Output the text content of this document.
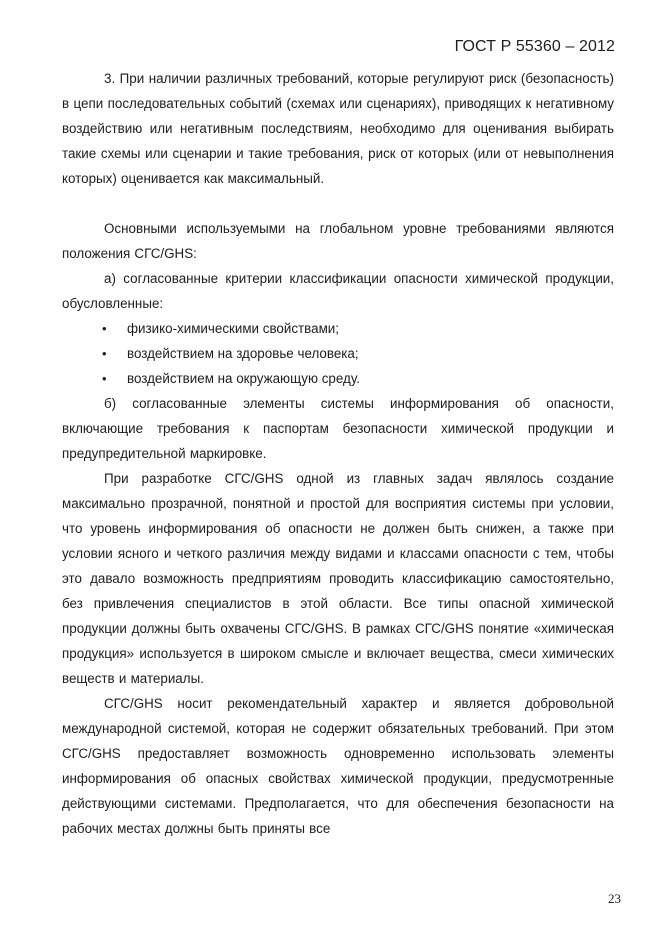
ГОСТ Р 55360 – 2012

3. При наличии различных требований, которые регулируют риск (безопасность) в цепи последовательных событий (схемах или сценариях), приводящих к негативному воздействию или негативным последствиям, необходимо для оценивания выбирать такие схемы или сценарии и такие требования, риск от которых (или от невыполнения которых) оценивается как максимальный.

Основными используемыми на глобальном уровне требованиями являются положения СГС/GHS:

а) согласованные критерии классификации опасности химической продукции, обусловленные:

• физико-химическими свойствами;
• воздействием на здоровье человека;
• воздействием на окружающую среду.

б) согласованные элементы системы информирования об опасности, включающие требования к паспортам безопасности химической продукции и предупредительной маркировке.

При разработке СГС/GHS одной из главных задач являлось создание максимально прозрачной, понятной и простой для восприятия системы при условии, что уровень информирования об опасности не должен быть снижен, а также при условии ясного и четкого различия между видами и классами опасности с тем, чтобы это давало возможность предприятиям проводить классификацию самостоятельно, без привлечения специалистов в этой области. Все типы опасной химической продукции должны быть охвачены СГС/GHS. В рамках СГС/GHS понятие «химическая продукция» используется в широком смысле и включает вещества, смеси химических веществ и материалы.

СГС/GHS носит рекомендательный характер и является добровольной международной системой, которая не содержит обязательных требований. При этом СГС/GHS предоставляет возможность одновременно использовать элементы информирования об опасных свойствах химической продукции, предусмотренные действующими системами. Предполагается, что для обеспечения безопасности на рабочих местах должны быть приняты все

23
